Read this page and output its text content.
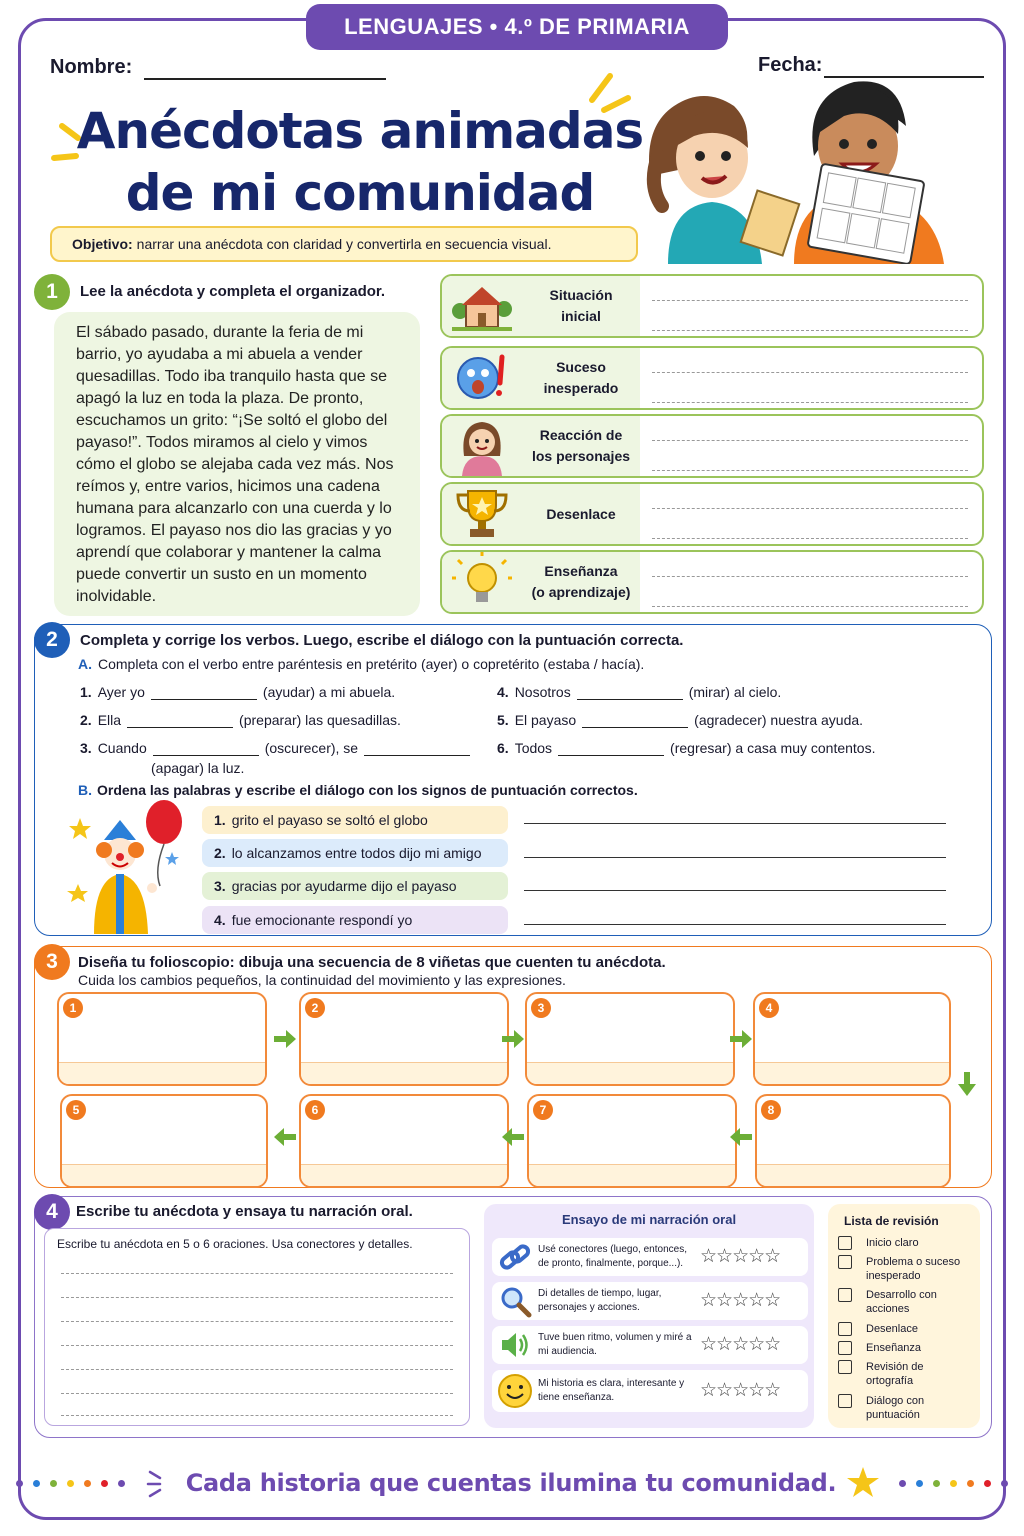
LENGUAJES • 4.º DE PRIMARIA
Nombre:	Fecha:
Anécdotas animadas
de mi comunidad
Objetivo: narrar una anécdota con claridad y convertirla en secuencia visual.
1	Lee la anécdota y completa el organizador.
El sábado pasado, durante la feria de mi barrio, yo ayudaba a mi abuela a vender quesadillas. Todo iba tranquilo hasta que se apagó la luz en toda la plaza. De pronto, escuchamos un grito: “¡Se soltó el globo del payaso!”. Todos miramos al cielo y vimos cómo el globo se alejaba cada vez más. Nos reímos y, entre varios, hicimos una cadena humana para alcanzarlo con una cuerda y lo logramos. El payaso nos dio las gracias y yo aprendí que colaborar y mantener la calma puede convertir un susto en un momento inolvidable.
Situación
inicial
Suceso
inesperado
Reacción de
los personajes
Desenlace
Enseñanza
(o aprendizaje)
2	Completa y corrige los verbos. Luego, escribe el diálogo con la puntuación correcta.
A. Completa con el verbo entre paréntesis en pretérito (ayer) o copretérito (estaba / hacía).
1. Ayer yo	(ayudar) a mi abuela.
2. Ella	(preparar) las quesadillas.
3. Cuando	(oscurecer), se
(apagar) la luz.
4. Nosotros	(mirar) al cielo.
5. El payaso	(agradecer) nuestra ayuda.
6. Todos	(regresar) a casa muy contentos.
B. Ordena las palabras y escribe el diálogo con los signos de puntuación correctos.
1. grito el payaso se soltó el globo
2. lo alcanzamos entre todos dijo mi amigo
3. gracias por ayudarme dijo el payaso
4. fue emocionante respondí yo
3	Diseña tu folioscopio: dibuja una secuencia de 8 viñetas que cuenten tu anécdota.
Cuida los cambios pequeños, la continuidad del movimiento y las expresiones.
1	2	3	4
5	6	7	8
4	Escribe tu anécdota y ensaya tu narración oral.
Escribe tu anécdota en 5 o 6 oraciones. Usa conectores y detalles.
Ensayo de mi narración oral
Usé conectores (luego, entonces, de pronto, finalmente, porque...). ☆☆☆☆☆
Di detalles de tiempo, lugar, personajes y acciones.	☆☆☆☆☆
Tuve buen ritmo, volumen y miré a mi audiencia.	☆☆☆☆☆
Mi historia es clara, interesante y tiene enseñanza.	☆☆☆☆☆
Lista de revisión
Inicio claro
Problema o suceso inesperado
Desarrollo con acciones
Desenlace
Enseñanza
Revisión de ortografía
Diálogo con puntuación
Cada historia que cuentas ilumina tu comunidad.
